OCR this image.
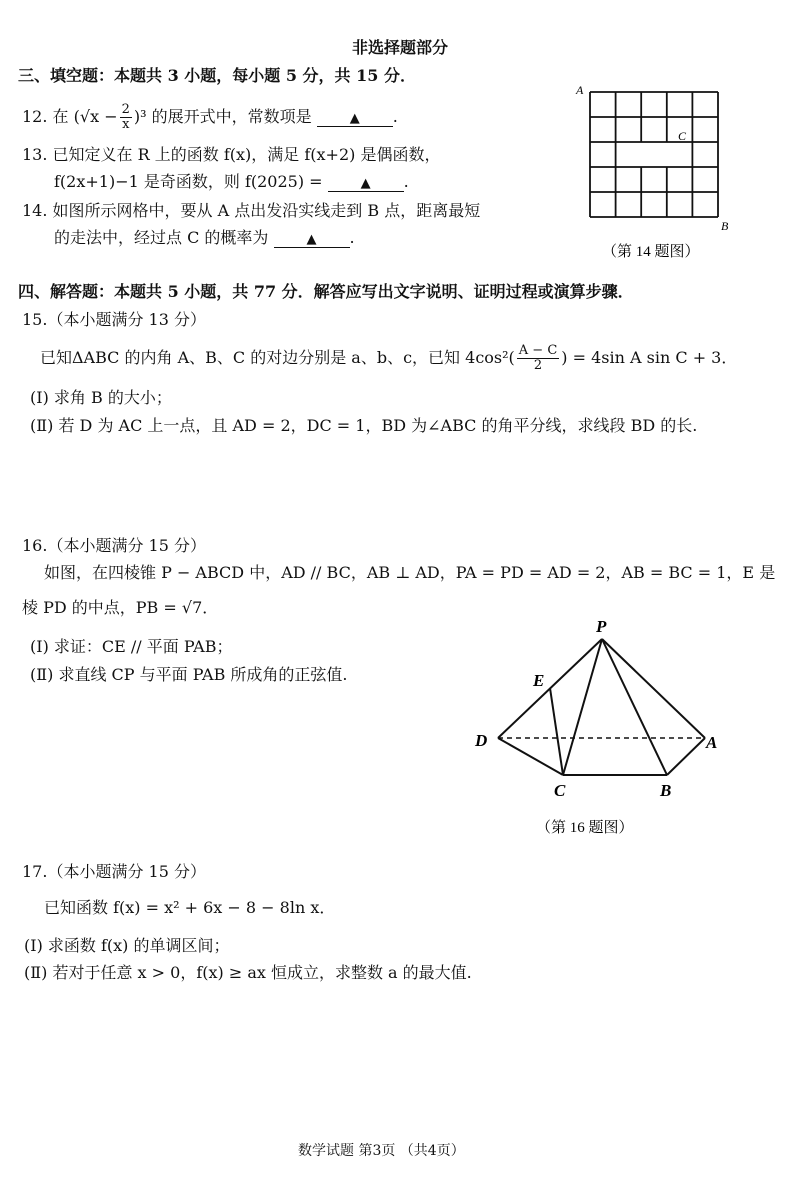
非选择题部分
三、填空题：本题共 3 小题，每小题 5 分，共 15 分．
12. 在 $(√x - \frac{2}{x} )^3$ 的展开式中，常数项是	▲ .
13. 已知定义在 R 上的函数 f(x)，满足 f(x+2) 是偶函数，
f(2x+1)−1 是奇函数，则 f(2025) =	▲ .
14. 如图所示网格中，要从 A 点出发沿实线走到 B 点，距离最短
的走法中，经过点 C 的概率为	▲ .
A
C
B
（第 14 题图）
四、解答题：本题共 5 小题，共 77 分．解答应写出文字说明、证明过程或演算步骤．
15.（本小题满分 13 分）
已知ΔABC 的内角 A、B、C 的对边分别是 a、b、c，已知 $4\cos^2( \frac{A - C}{2}$ ) = 4sin A sin C + 3．
(Ⅰ) 求角 B 的大小；
(Ⅱ) 若 D 为 AC 上一点，且 AD = 2，DC = 1，BD 为∠ABC 的角平分线，求线段 BD 的长.
16.（本小题满分 15 分）
如图，在四棱锥 P − ABCD 中，AD // BC，AB ⊥ AD，PA = PD = AD = 2，AB = BC = 1，E 是
棱 PD 的中点，PB = √7．
(Ⅰ) 求证：CE // 平面 PAB；
(Ⅱ) 求直线 CP 与平面 PAB 所成角的正弦值.
P
E
D	A
C	B
（第 16 题图）
17.（本小题满分 15 分）
已知函数 f(x) = x² + 6x − 8 − 8ln x．
(Ⅰ) 求函数 f(x) 的单调区间；
(Ⅱ) 若对于任意 x > 0，f(x) ≥ ax 恒成立，求整数 a 的最大值.
数学试题 第3页 （共4页）
